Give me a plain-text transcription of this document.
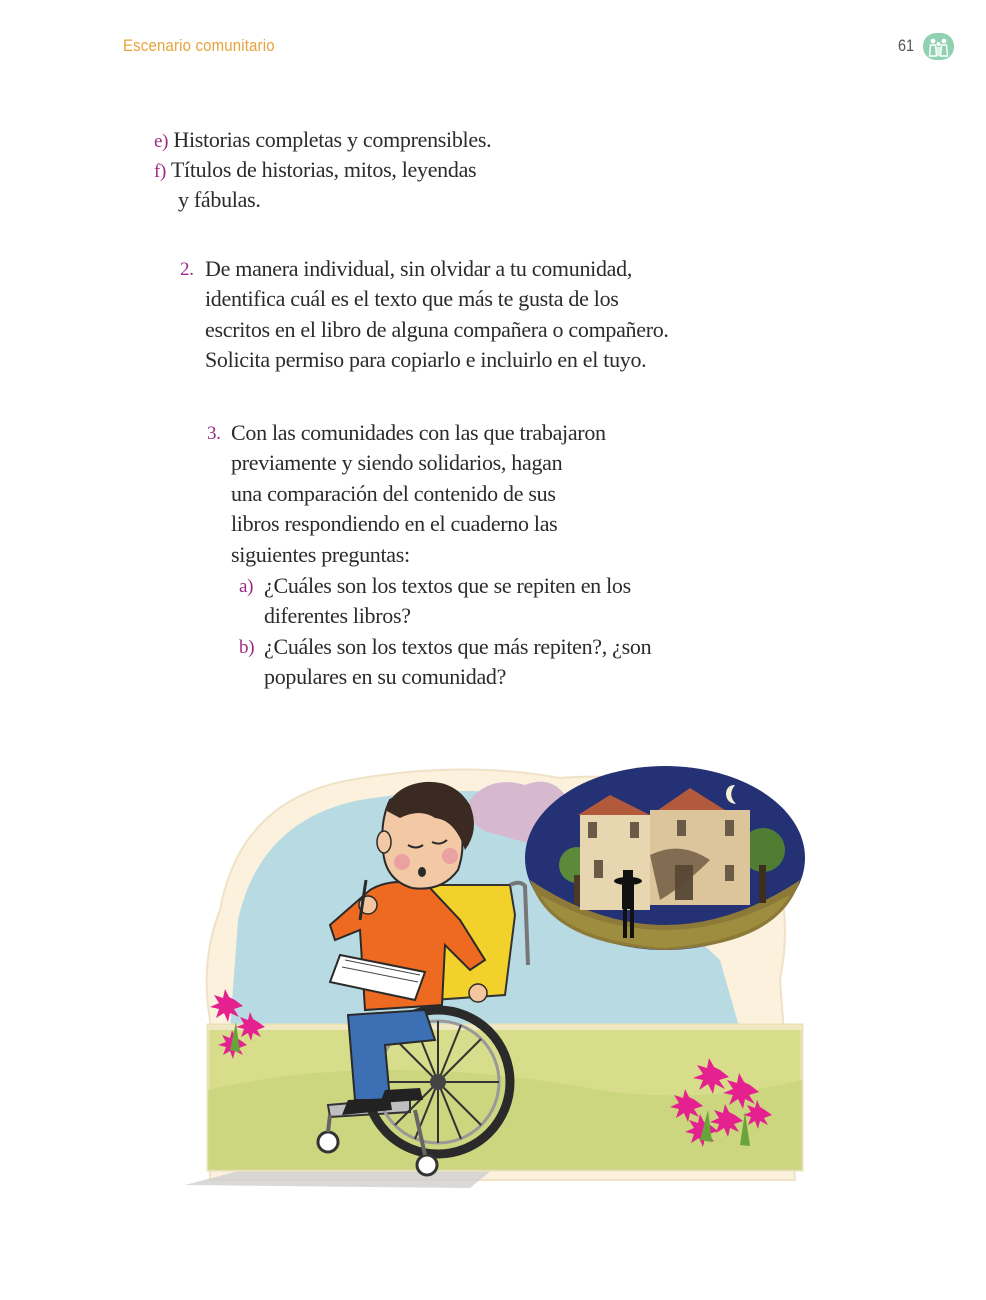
Escenario comunitario	61
e) Historias completas y comprensibles.
f) Títulos de historias, mitos, leyendas
y fábulas.
2. De manera individual, sin olvidar a tu comunidad,
identifica cuál es el texto que más te gusta de los
escritos en el libro de alguna compañera o compañero.
Solicita permiso para copiarlo e incluirlo en el tuyo.
3. Con las comunidades con las que trabajaron
previamente y siendo solidarios, hagan
una comparación del contenido de sus
libros respondiendo en el cuaderno las
siguientes preguntas:
a) ¿Cuáles son los textos que se repiten en los
diferentes libros?
b) ¿Cuáles son los textos que más repiten?, ¿son
populares en su comunidad?
